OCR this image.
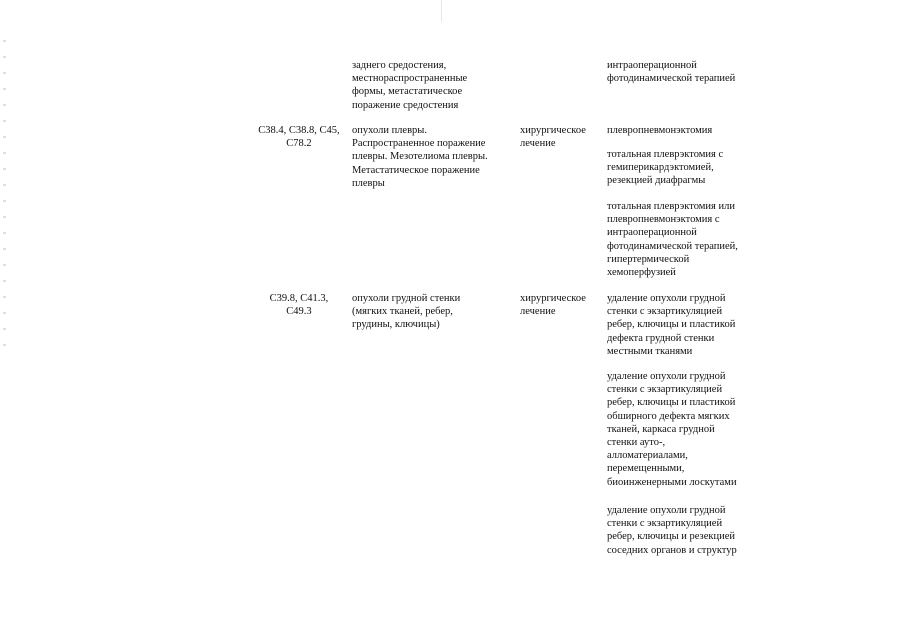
заднего средостения,
местнораспространенные
формы, метастатическое
поражение средостения
интраоперационной
фотодинамической терапией
C38.4, C38.8, C45,
C78.2
опухоли плевры.
Распространенное поражение
плевры. Мезотелиома плевры.
Метастатическое поражение
плевры
хирургическое
лечение
плевропневмонэктомия
тотальная плеврэктомия с
гемиперикардэктомией,
резекцией диафрагмы
тотальная плеврэктомия или
плевропневмонэктомия с
интраоперационной
фотодинамической терапией,
гипертермической
хемоперфузией
C39.8, C41.3,
C49.3
опухоли грудной стенки
(мягких тканей, ребер,
грудины, ключицы)
хирургическое
лечение
удаление опухоли грудной
стенки с экзартикуляцией
ребер, ключицы и пластикой
дефекта грудной стенки
местными тканями
удаление опухоли грудной
стенки с экзартикуляцией
ребер, ключицы и пластикой
обширного дефекта мягких
тканей, каркаса грудной
стенки ауто-,
алломатериалами,
перемещенными,
биоинженерными лоскутами
удаление опухоли грудной
стенки с экзартикуляцией
ребер, ключицы и резекцией
соседних органов и структур
